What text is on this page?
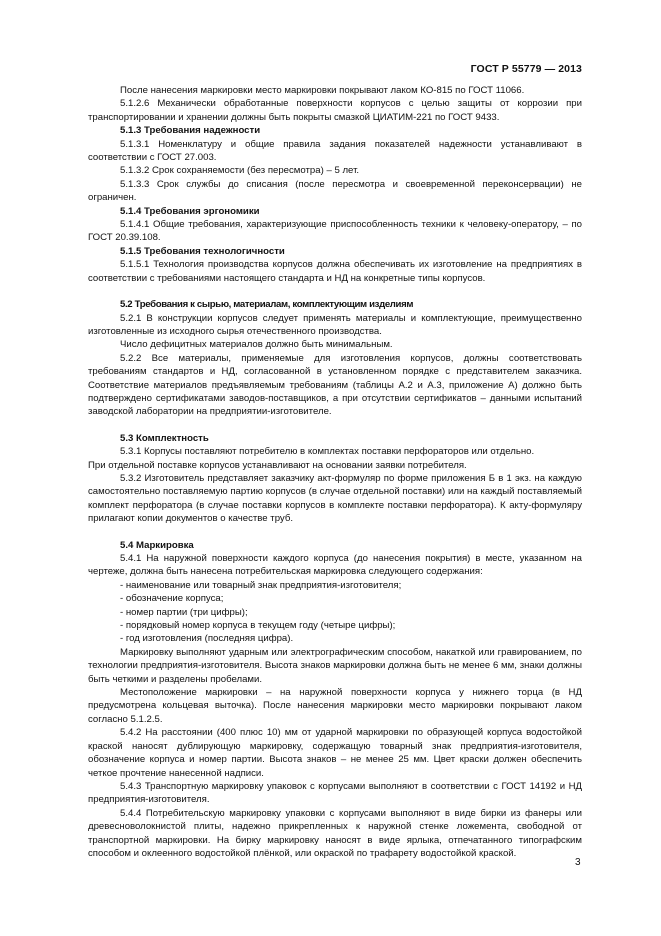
ГОСТ Р 55779 — 2013

После нанесения маркировки место маркировки покрывают лаком КО-815 по ГОСТ 11066.

5.1.2.6 Механически обработанные поверхности корпусов с целью защиты от коррозии при транспортировании и хранении должны быть покрыты смазкой ЦИАТИМ-221 по ГОСТ 9433.

5.1.3 Требования надежности

5.1.3.1 Номенклатуру и общие правила задания показателей надежности устанавливают в соответствии с ГОСТ 27.003.

5.1.3.2 Срок сохраняемости (без пересмотра) – 5 лет.

5.1.3.3 Срок службы до списания (после пересмотра и своевременной переконсервации) не ограничен.

5.1.4 Требования эргономики

5.1.4.1 Общие требования, характеризующие приспособленность техники к человеку-оператору, – по ГОСТ 20.39.108.

5.1.5 Требования технологичности

5.1.5.1 Технология производства корпусов должна обеспечивать их изготовление на предприятиях в соответствии с требованиями настоящего стандарта и НД на конкретные типы корпусов.

5.2 Требования к сырью, материалам, комплектующим изделиям

5.2.1 В конструкции корпусов следует применять материалы и комплектующие, преимущественно изготовленные из исходного сырья отечественного производства.

Число дефицитных материалов должно быть минимальным.

5.2.2 Все материалы, применяемые для изготовления корпусов, должны соответствовать требованиям стандартов и НД, согласованной в установленном порядке с представителем заказчика. Соответствие материалов предъявляемым требованиям (таблицы А.2 и А.3, приложение А) должно быть подтверждено сертификатами заводов-поставщиков, а при отсутствии сертификатов – данными испытаний заводской лаборатории на предприятии-изготовителе.

5.3 Комплектность

5.3.1 Корпусы поставляют потребителю в комплектах поставки перфораторов или отдельно.

При отдельной поставке корпусов устанавливают на основании заявки потребителя.

5.3.2 Изготовитель представляет заказчику акт-формуляр по форме приложения Б в 1 экз. на каждую самостоятельно поставляемую партию корпусов (в случае отдельной поставки) или на каждый поставляемый комплект перфоратора (в случае поставки корпусов в комплекте поставки перфоратора). К акту-формуляру прилагают копии документов о качестве труб.

5.4 Маркировка

5.4.1 На наружной поверхности каждого корпуса (до нанесения покрытия) в месте, указанном на чертеже, должна быть нанесена потребительская маркировка следующего содержания:

- наименование или товарный знак предприятия-изготовителя;
- обозначение корпуса;
- номер партии (три цифры);
- порядковый номер корпуса в текущем году (четыре цифры);
- год изготовления (последняя цифра).

Маркировку выполняют ударным или электрографическим способом, накаткой или гравированием, по технологии предприятия-изготовителя. Высота знаков маркировки должна быть не менее 6 мм, знаки должны быть четкими и разделены пробелами.

Местоположение маркировки – на наружной поверхности корпуса у нижнего торца (в НД предусмотрена кольцевая выточка). После нанесения маркировки место маркировки покрывают лаком согласно 5.1.2.5.

5.4.2 На расстоянии (400 плюс 10) мм от ударной маркировки по образующей корпуса водостойкой краской наносят дублирующую маркировку, содержащую товарный знак предприятия-изготовителя, обозначение корпуса и номер партии. Высота знаков – не менее 25 мм. Цвет краски должен обеспечить четкое прочтение нанесенной надписи.

5.4.3 Транспортную маркировку упаковок с корпусами выполняют в соответствии с ГОСТ 14192 и НД предприятия-изготовителя.

5.4.4 Потребительскую маркировку упаковки с корпусами выполняют в виде бирки из фанеры или древесноволокнистой плиты, надежно прикрепленных к наружной стенке ложемента, свободной от транспортной маркировки. На бирку маркировку наносят в виде ярлыка, отпечатанного типографским способом и оклеенного водостойкой плёнкой, или окраской по трафарету водостойкой краской.

3
